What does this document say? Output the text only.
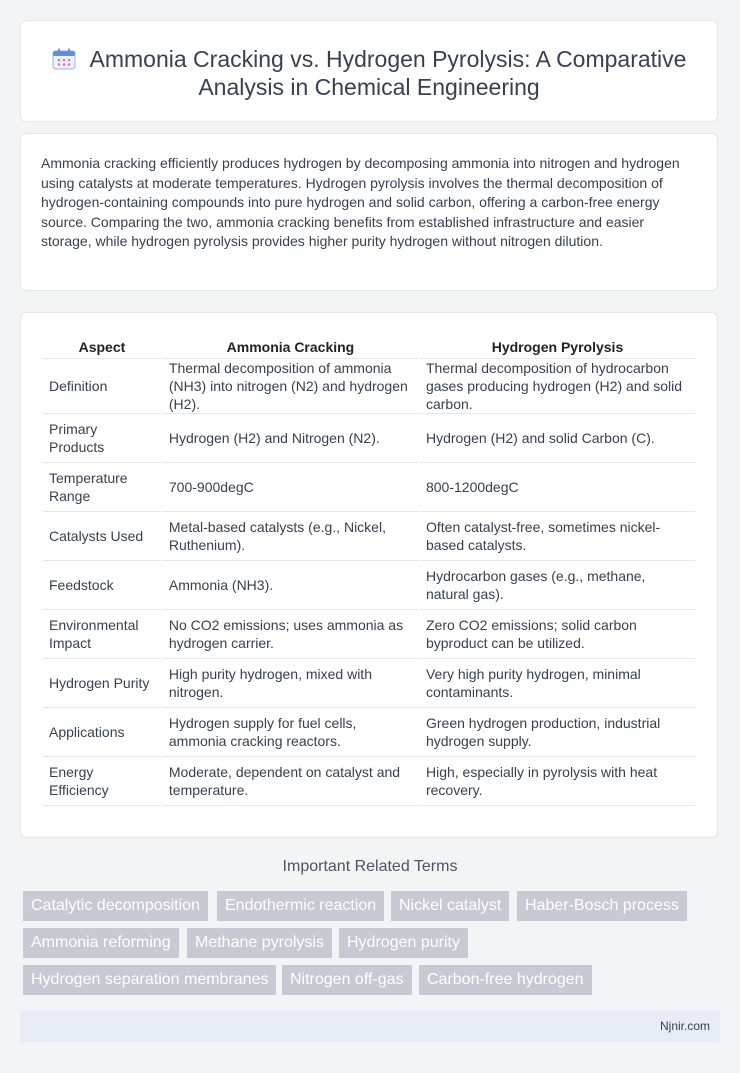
Ammonia Cracking vs. Hydrogen Pyrolysis: A Comparative Analysis in Chemical Engineering

Ammonia cracking efficiently produces hydrogen by decomposing ammonia into nitrogen and hydrogen using catalysts at moderate temperatures. Hydrogen pyrolysis involves the thermal decomposition of hydrogen-containing compounds into pure hydrogen and solid carbon, offering a carbon-free energy source. Comparing the two, ammonia cracking benefits from established infrastructure and easier storage, while hydrogen pyrolysis provides higher purity hydrogen without nitrogen dilution.

Aspect	Ammonia Cracking	Hydrogen Pyrolysis
Definition	Thermal decomposition of ammonia (NH3) into nitrogen (N2) and hydrogen (H2).	Thermal decomposition of hydrocarbon gases producing hydrogen (H2) and solid carbon.
Primary Products	Hydrogen (H2) and Nitrogen (N2).	Hydrogen (H2) and solid Carbon (C).
Temperature Range	700-900degC	800-1200degC
Catalysts Used	Metal-based catalysts (e.g., Nickel, Ruthenium).	Often catalyst-free, sometimes nickel-based catalysts.
Feedstock	Ammonia (NH3).	Hydrocarbon gases (e.g., methane, natural gas).
Environmental Impact	No CO2 emissions; uses ammonia as hydrogen carrier.	Zero CO2 emissions; solid carbon byproduct can be utilized.
Hydrogen Purity	High purity hydrogen, mixed with nitrogen.	Very high purity hydrogen, minimal contaminants.
Applications	Hydrogen supply for fuel cells, ammonia cracking reactors.	Green hydrogen production, industrial hydrogen supply.
Energy Efficiency	Moderate, dependent on catalyst and temperature.	High, especially in pyrolysis with heat recovery.
Important Related Terms
Catalytic decomposition	Endothermic reaction	Nickel catalyst	Haber-Bosch process
Ammonia reforming	Methane pyrolysis	Hydrogen purity
Hydrogen separation membranes	Nitrogen off-gas	Carbon-free hydrogen
Njnir.com
